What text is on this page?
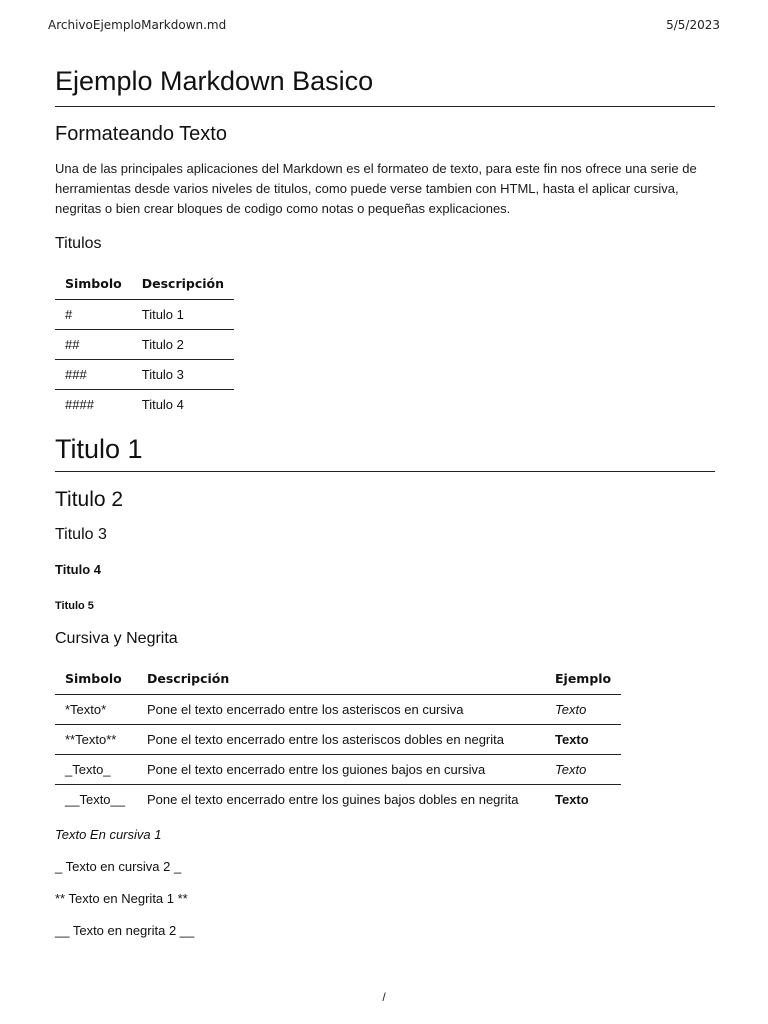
ArchivoEjemploMarkdown.md	5/5/2023
Ejemplo Markdown Basico
Formateando Texto

Una de las principales aplicaciones del Markdown es el formateo de texto, para este fin nos ofrece una serie de herramientas desde varios niveles de titulos, como puede verse tambien con HTML, hasta el aplicar cursiva, negritas o bien crear bloques de codigo como notas o pequeñas explicaciones.

Titulos
Simbolo	Descripción
#	Titulo 1
##	Titulo 2
###	Titulo 3
####	Titulo 4
Titulo 1
Titulo 2
Titulo 3
Titulo 4
Titulo 5
Cursiva y Negrita
Simbolo	Descripción	Ejemplo
*Texto*	Pone el texto encerrado entre los asteriscos en cursiva	Texto
**Texto**	Pone el texto encerrado entre los asteriscos dobles en negrita	Texto
_Texto_	Pone el texto encerrado entre los guiones bajos en cursiva	Texto
__Texto__	Pone el texto encerrado entre los guines bajos dobles en negrita	Texto

Texto En cursiva 1

_ Texto en cursiva 2 _

** Texto en Negrita 1 **

__ Texto en negrita 2 __

/
